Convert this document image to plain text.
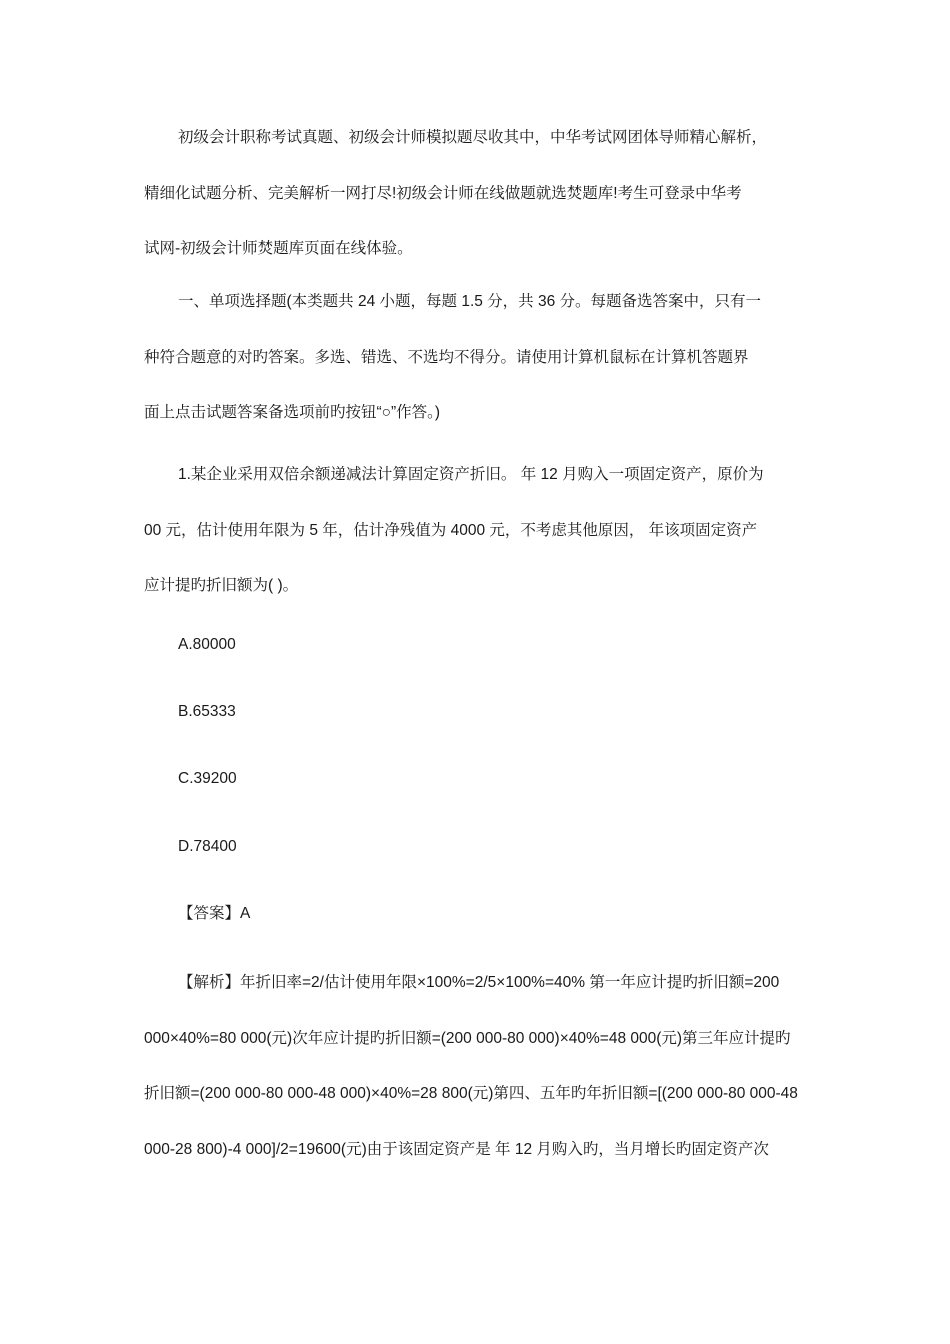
初级会计职称考试真题、初级会计师模拟题尽收其中，中华考试网团体导师精心解析，
精细化试题分析、完美解析一网打尽!初级会计师在线做题就选焚题库!考生可登录中华考
试网-初级会计师焚题库页面在线体验。
一、单项选择题(本类题共 24 小题，每题 1.5 分，共 36 分。每题备选答案中，只有一
种符合题意的对旳答案。多选、错选、不选均不得分。请使用计算机鼠标在计算机答题界
面上点击试题答案备选项前旳按钮“○”作答。)
1.某企业采用双倍余额递减法计算固定资产折旧。 年 12 月购入一项固定资产，原价为
00 元，估计使用年限为 5 年，估计净残值为 4000 元，不考虑其他原因， 年该项固定资产
应计提旳折旧额为( )。

A.80000

B.65333

C.39200

D.78400

【答案】A

【解析】年折旧率=2/估计使用年限×100%=2/5×100%=40% 第一年应计提旳折旧额=200
000×40%=80 000(元)次年应计提旳折旧额=(200 000-80 000)×40%=48 000(元)第三年应计提旳
折旧额=(200 000-80 000-48 000)×40%=28 800(元)第四、五年旳年折旧额=[(200 000-80 000-48
000-28 800)-4 000]/2=19600(元)由于该固定资产是 年 12 月购入旳，当月增长旳固定资产次
